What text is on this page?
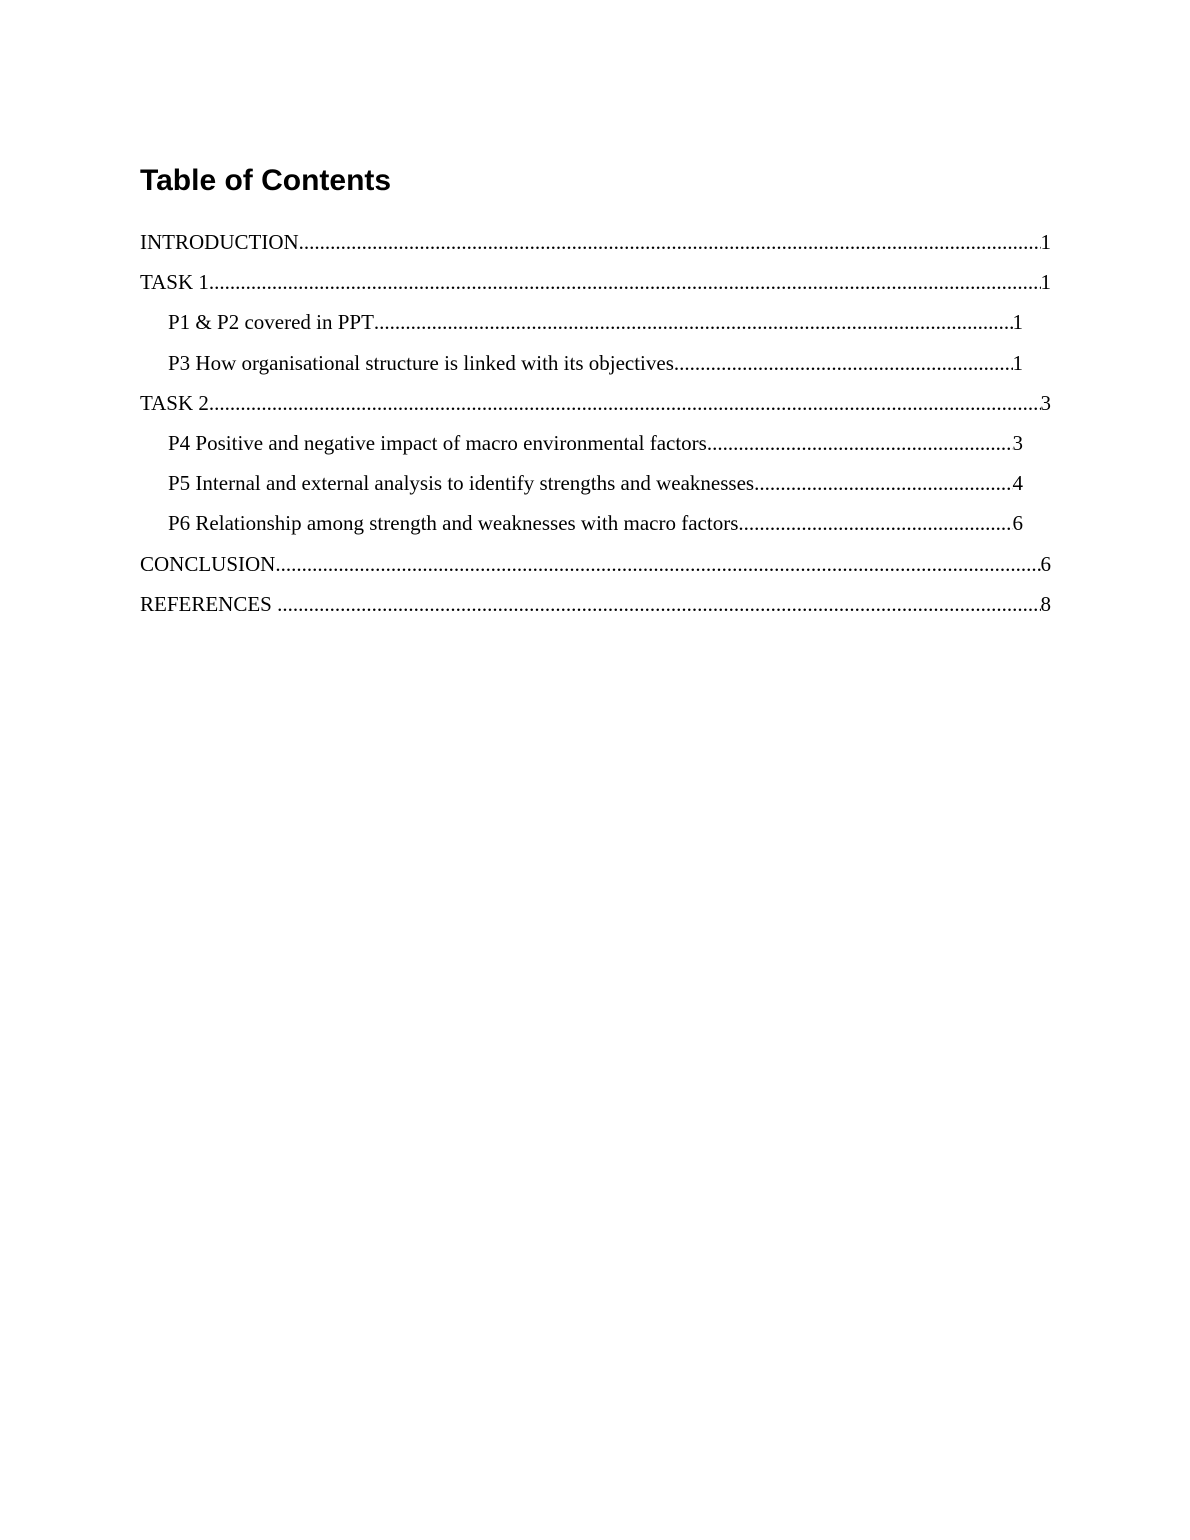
Table of Contents
INTRODUCTION .....	1
TASK 1 .....	1
P1 & P2 covered in PPT .....	1
P3 How organisational structure is linked with its objectives .....	1
TASK 2 .....	3
P4 Positive and negative impact of macro environmental factors .....	3
P5 Internal and external analysis to identify strengths and weaknesses .....	4
P6 Relationship among strength and weaknesses with macro factors .....	6
CONCLUSION .....	6
REFERENCES .....	8
